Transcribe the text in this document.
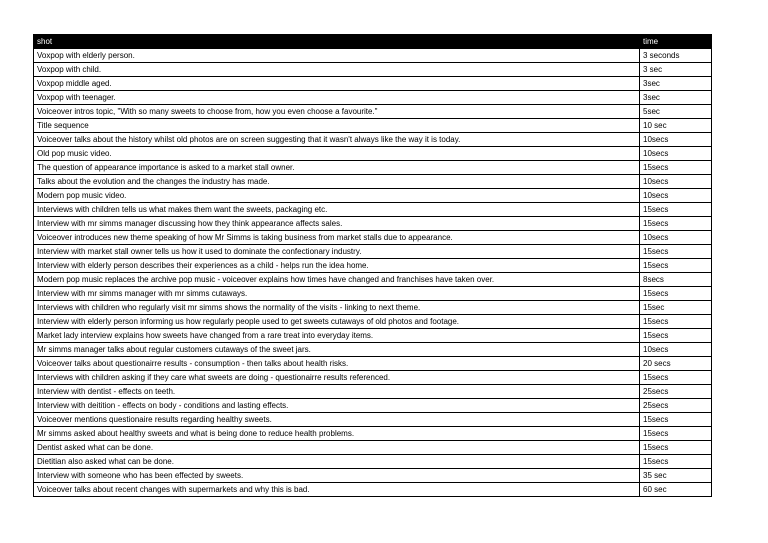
shot	time
Voxpop with elderly person.	3 seconds
Voxpop with child.	3 sec
Voxpop middle aged.	3sec
Voxpop with teenager.	3sec
Voiceover intros topic, "With so many sweets to choose from, how you even choose a favourite."	5sec
Title sequence	10 sec
Voiceover talks about the history whilst old photos are on screen suggesting that it wasn't always like the way it is today.	10secs
Old pop music video.	10secs
The question of appearance importance is asked to a market stall owner.	15secs
Talks about the evolution and the changes the industry has made.	10secs
Modern pop music video.	10secs
Interviews with children tells us what makes them want the sweets, packaging etc.	15secs
Interview with mr simms manager discussing how they think appearance affects sales.	15secs
Voiceover introduces new theme speaking of how Mr Simms is taking business from market stalls due to appearance.	10secs
Interview with market stall owner tells us how it used to dominate the confectionary industry.	15secs
Interview with elderly person describes their experiences as a child - helps run the idea home.	15secs
Modern pop music replaces the archive pop music - voiceover explains how times have changed and franchises have taken over.	8secs
Interview with mr simms manager with mr simms cutaways.	15secs
Interviews with children who regularly visit mr simms shows the normality of the visits - linking to next theme.	15sec
Interview with elderly person informing us how regularly people used to get sweets cutaways of old photos and footage.	15secs
Market lady interview explains how sweets have changed from a rare treat into everyday items.	15secs
Mr simms manager talks about regular customers cutaways of the sweet jars.	10secs
Voiceover talks about questionairre results - consumption - then talks about health risks.	20 secs
Interviews with children asking if they care what sweets are doing - questionairre results referenced.	15secs
Interview with dentist - effects on teeth.	25secs
Interview with deitition - effects on body - conditions and lasting effects.	25secs
Voiceover mentions questionaire results regarding healthy sweets.	15secs
Mr simms asked about healthy sweets and what is being done to reduce health problems.	15secs
Dentist asked what can be done.	15secs
Dietitian also asked what can be done.	15secs
Interview with someone who has been effected by sweets.	35 sec
Voiceover talks about recent changes with supermarkets and why this is bad.	60 sec
